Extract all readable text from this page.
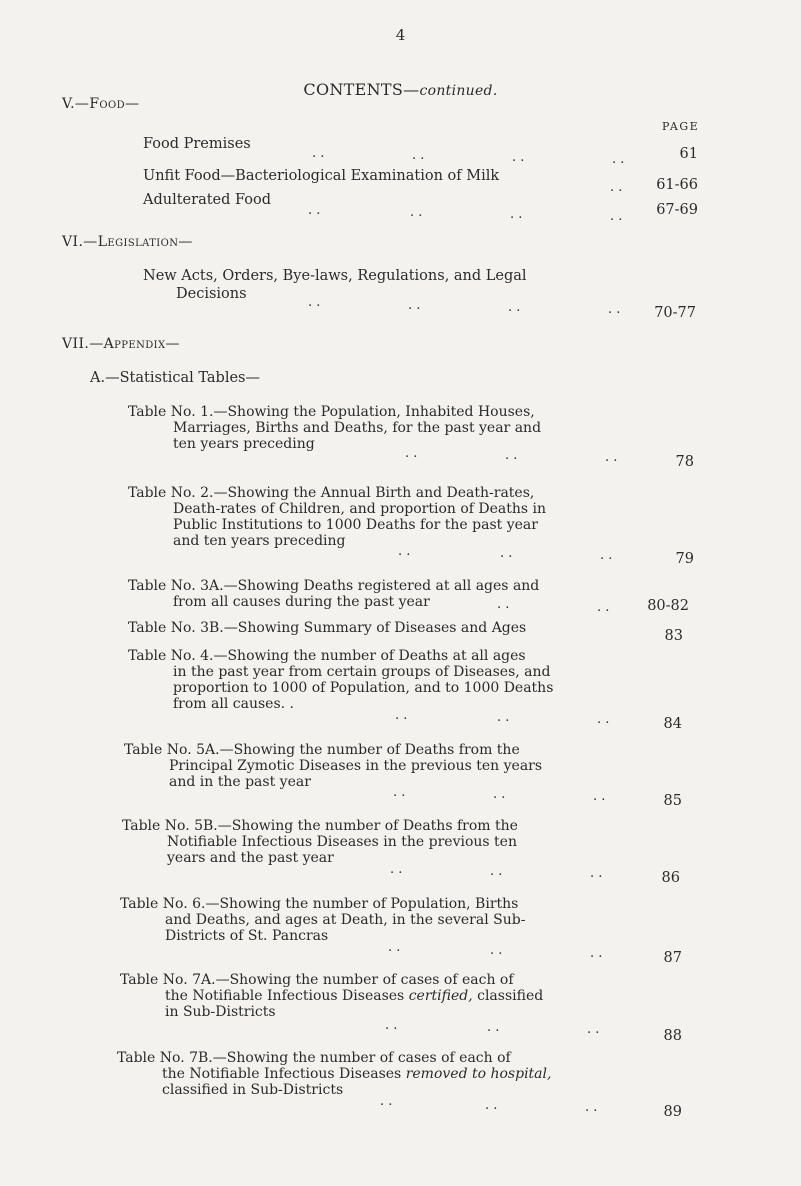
4
CONTENTS—continued.
V.—Food—
PAGE
Food Premises
. .	. .	. .	. .	61
Unfit Food—Bacteriological Examination of Milk
. .	61-66
Adulterated Food
. .	. .	. .	. .	67-69
VI.—Legislation—
New Acts, Orders, Bye-laws, Regulations, and Legal
Decisions
. .	. .	. .	. .	70-77
VII.—Appendix—
A.—Statistical Tables—
Table No. 1.—Showing the Population, Inhabited Houses,
Marriages, Births and Deaths, for the past year and
ten years preceding
. .	. .	. .	78
Table No. 2.—Showing the Annual Birth and Death-rates,
Death-rates of Children, and proportion of Deaths in
Public Institutions to 1000 Deaths for the past year
and ten years preceding
. .	. .	. .	79
Table No. 3A.—Showing Deaths registered at all ages and
from all causes during the past year	. .	. .	80-82
Table No. 3B.—Showing Summary of Diseases and Ages	83
Table No. 4.—Showing the number of Deaths at all ages
in the past year from certain groups of Diseases, and
proportion to 1000 of Population, and to 1000 Deaths
from all causes. .
. .	. .	. .	84
Table No. 5A.—Showing the number of Deaths from the
Principal Zymotic Diseases in the previous ten years
and in the past year
. .	. .	. .	85
Table No. 5B.—Showing the number of Deaths from the
Notifiable Infectious Diseases in the previous ten
years and the past year
. .	. .	. .	86
Table No. 6.—Showing the number of Population, Births
and Deaths, and ages at Death, in the several Sub-
Districts of St. Pancras
. .	. .	. .	87
Table No. 7A.—Showing the number of cases of each of
the Notifiable Infectious Diseases certified, classified
in Sub-Districts
. .	. .	. .	88
Table No. 7B.—Showing the number of cases of each of
the Notifiable Infectious Diseases removed to hospital,
classified in Sub-Districts
. .	. .	. .	89
